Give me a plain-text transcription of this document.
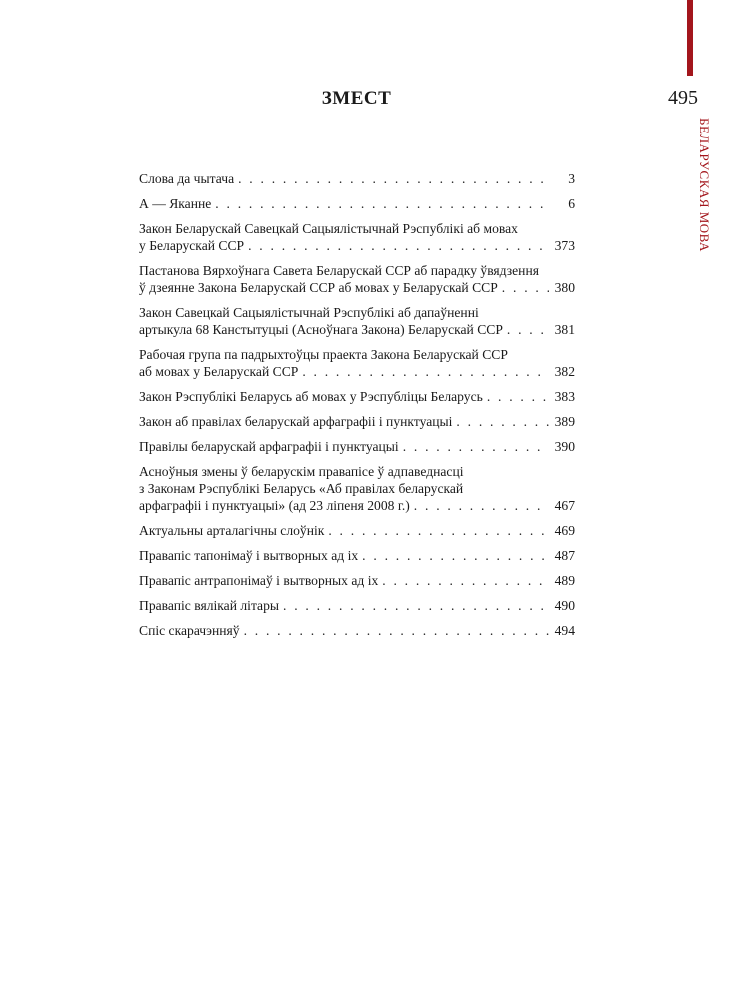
495
БЕЛАРУСКАЯ МОВА
ЗМЕСТ
Слова да чытача . . .	3
А — Яканне . . .	6
Закон Беларускай Савецкай Сацыялістычнай Рэспублікі аб мовах
у Беларускай ССР . . .	373
Пастанова Вярхоўнага Савета Беларускай ССР аб парадку ўвядзення
ў дзеянне Закона Беларускай ССР аб мовах у Беларускай ССР . . .	380
Закон Савецкай Сацыялістычнай Рэспублікі аб дапаўненні
артыкула 68 Канстытуцыі (Асноўнага Закона) Беларускай ССР . . .	381
Рабочая група па падрыхтоўцы праекта Закона Беларускай ССР
аб мовах у Беларускай ССР . . .	382
Закон Рэспублікі Беларусь аб мовах у Рэспубліцы Беларусь . . .	383
Закон аб правілах беларускай арфаграфіі і пунктуацыі . . .	389
Правілы беларускай арфаграфіі і пунктуацыі . . .	390
Асноўныя змены ў беларускім правапісе ў адпаведнасці
з Законам Рэспублікі Беларусь «Аб правілах беларускай
арфаграфіі і пунктуацыі» (ад 23 ліпеня 2008 г.) . . .	467
Актуальны арталагічны слоўнік . . .	469
Правапіс тапонімаў і вытворных ад іх . . .	487
Правапіс антрапонімаў і вытворных ад іх . . .	489
Правапіс вялікай літары . . .	490
Спіс скарачэнняў . . .	494
